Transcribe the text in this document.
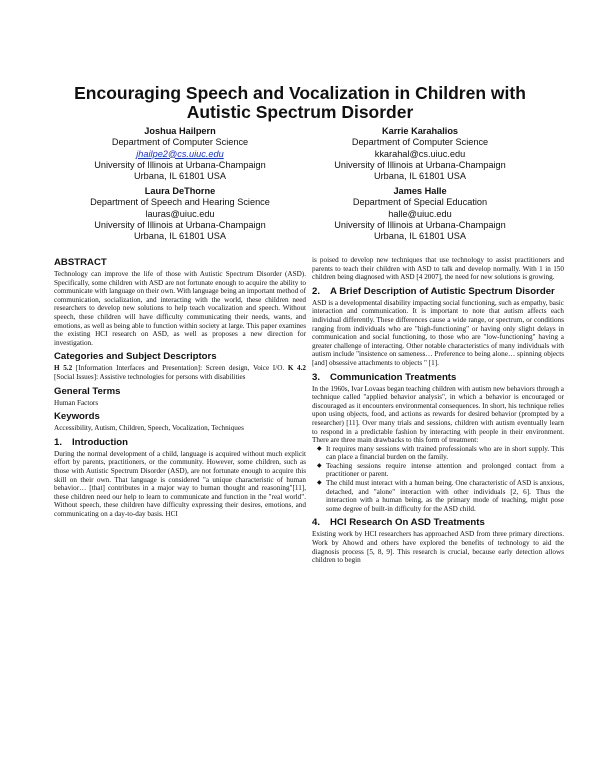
Encouraging Speech and Vocalization in Children with
Autistic Spectrum Disorder
Joshua Hailpern
Department of Computer Science
jhailpe2@cs.uiuc.edu
University of Illinois at Urbana-Champaign
Urbana, IL 61801 USA
Karrie Karahalios
Department of Computer Science
kkarahal@cs.uiuc.edu
University of Illinois at Urbana-Champaign
Urbana, IL 61801 USA
Laura DeThorne
Department of Speech and Hearing Science
lauras@uiuc.edu
University of Illinois at Urbana-Champaign
Urbana, IL 61801 USA
James Halle
Department of Special Education
halle@uiuc.edu
University of Illinois at Urbana-Champaign
Urbana, IL 61801 USA
ABSTRACT

Technology can improve the life of those with Autistic Spectrum Disorder (ASD). Specifically, some children with ASD are not fortunate enough to acquire the ability to communicate with language on their own. With language being an important method of communication, socialization, and interacting with the world, these children need researchers to develop new solutions to help teach vocalization and speech. Without speech, these children will have difficulty communicating their needs, wants, and emotions, as well as being able to function within society at large. This paper examines the existing HCI research on ASD, as well as proposes a new direction for investigation.

Categories and Subject Descriptors

H 5.2 [Information Interfaces and Presentation]: Screen design, Voice I/O. K 4.2 [Social Issues]: Assistive technologies for persons with disabilities

General Terms

Human Factors

Keywords

Accessibility, Autism, Children, Speech, Vocalization, Techniques

1. Introduction

During the normal development of a child, language is acquired without much explicit effort by parents, practitioners, or the community. However, some children, such as those with Autistic Spectrum Disorder (ASD), are not fortunate enough to acquire this skill on their own. That language is considered "a unique characteristic of human behavior… [that] contributes in a major way to human thought and reasoning"[11], these children need our help to learn to communicate and function in the "real world". Without speech, these children have difficulty expressing their desires, emotions, and communicating on a day-to-day basis. HCI

is poised to develop new techniques that use technology to assist practitioners and parents to teach their children with ASD to talk and develop normally. With 1 in 150 children being diagnosed with ASD [4 2007], the need for new solutions is growing.

2. A Brief Description of Autistic Spectrum Disorder

ASD is a developmental disability impacting social functioning, such as empathy, basic interaction and communication. It is important to note that autism affects each individual differently. These differences cause a wide range, or spectrum, or conditions ranging from individuals who are "high-functioning" or having only slight delays in communication and social functioning, to those who are "low-functioning" having a greater challenge of interacting. Other notable characteristics of many individuals with autism include "insistence on sameness… Preference to being alone… spinning objects [and] obsessive attachments to objects " [1].

3. Communication Treatments

In the 1960s, Ivar Lovaas began teaching children with autism new behaviors through a technique called "applied behavior analysis", in which a behavior is encouraged or discouraged as it encounters environmental consequences. In short, his technique relies upon using objects, food, and actions as rewards for desired behavior (prompted by a researcher) [11]. Over many trials and sessions, children with autism eventually learn to respond in a predictable fashion by interacting with people in their environment. There are three main drawbacks to this form of treatment:

◆ It requires many sessions with trained professionals who are in short supply. This can place a financial burden on the family.
◆ Teaching sessions require intense attention and prolonged contact from a practitioner or parent.
◆ The child must interact with a human being. One characteristic of ASD is anxious, detached, and "alone" interaction with other individuals [2, 6]. Thus the interaction with a human being, as the primary mode of teaching, might pose some degree of built-in difficulty for the ASD child.
4. HCI Research On ASD Treatments

Existing work by HCI researchers has approached ASD from three primary directions. Work by Ahowd and others have explored the benefits of technology to aid the diagnosis process [5, 8, 9]. This research is crucial, because early detection allows children to begin
